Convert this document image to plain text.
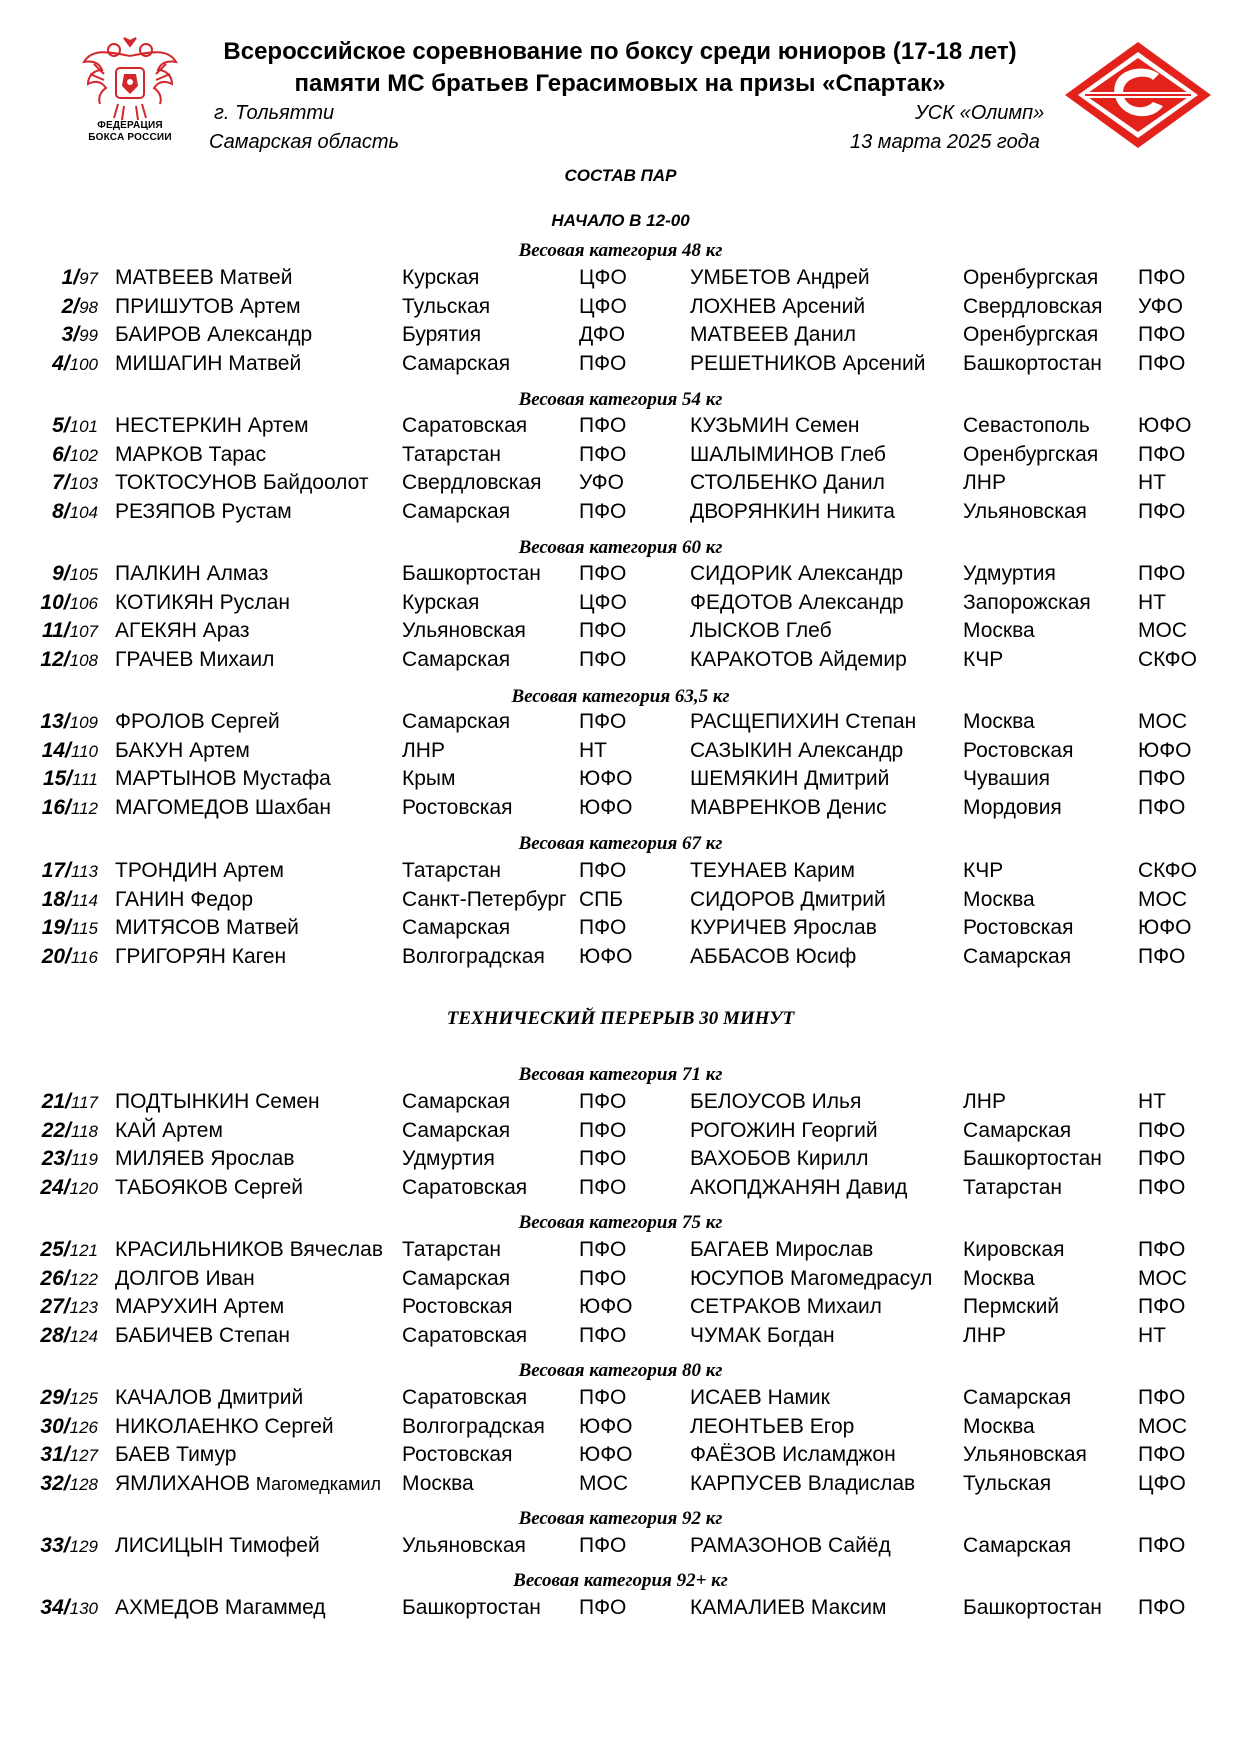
ФЕДЕРАЦИЯ
БОКСА РОССИИ
Всероссийское соревнование по боксу среди юниоров (17-18 лет)
памяти МС братьев Герасимовых на призы «Спартак»
г. Тольятти
Самарская область
УСК «Олимп»
13 марта 2025 года
СОСТАВ ПАР
НАЧАЛО В 12-00
Весовая категория 48 кг
1/97 МАТВЕЕВ Матвей	Курская	ЦФО	УМБЕТОВ Андрей	Оренбургская ПФО
2/98 ПРИШУТОВ Артем	Тульская	ЦФО	ЛОХНЕВ Арсений	Свердловская УФО
3/99 БАИРОВ Александр	Бурятия	ДФО	МАТВЕЕВ Данил	Оренбургская ПФО
4/100 МИШАГИН Матвей	Самарская	ПФО	РЕШЕТНИКОВ Арсений Башкортостан ПФО
Весовая категория 54 кг
5/101 НЕСТЕРКИН Артем	Саратовская ПФО	КУЗЬМИН Семен	Севастополь ЮФО
6/102 МАРКОВ Тарас	Татарстан	ПФО	ШАЛЫМИНОВ Глеб	Оренбургская ПФО
7/103 ТОКТОСУНОВ Байдоолот Свердловская УФО	СТОЛБЕНКО Данил	ЛНР	НТ
8/104 РЕЗЯПОВ Рустам	Самарская	ПФО	ДВОРЯНКИН Никита	Ульяновская ПФО
Весовая категория 60 кг
9/105 ПАЛКИН Алмаз	Башкортостан ПФО	СИДОРИК Александр	Удмуртия	ПФО
10/106 КОТИКЯН Руслан	Курская	ЦФО	ФЕДОТОВ Александр	Запорожская НТ
11/107 АГЕКЯН Араз	Ульяновская	ПФО	ЛЫСКОВ Глеб	Москва	МОС
12/108 ГРАЧЕВ Михаил	Самарская	ПФО	КАРАКОТОВ Айдемир	КЧР	СКФО
Весовая категория 63,5 кг
13/109 ФРОЛОВ Сергей	Самарская	ПФО	РАСЩЕПИХИН Степан Москва	МОС
14/110 БАКУН Артем	ЛНР	НТ	САЗЫКИН Александр	Ростовская	ЮФО
15/111 МАРТЫНОВ Мустафа	Крым	ЮФО	ШЕМЯКИН Дмитрий	Чувашия	ПФО
16/112 МАГОМЕДОВ Шахбан	Ростовская	ЮФО	МАВРЕНКОВ Денис	Мордовия	ПФО
Весовая категория 67 кг
17/113 ТРОНДИН Артем	Татарстан	ПФО	ТЕУНАЕВ Карим	КЧР	СКФО
18/114 ГАНИН Федор	Санкт-Петербург СПБ	СИДОРОВ Дмитрий	Москва	МОС
19/115 МИТЯСОВ Матвей	Самарская	ПФО	КУРИЧЕВ Ярослав	Ростовская	ЮФО
20/116 ГРИГОРЯН Каген	Волгоградская ЮФО	АББАСОВ Юсиф	Самарская	ПФО
ТЕХНИЧЕСКИЙ ПЕРЕРЫВ 30 МИНУТ
Весовая категория 71 кг
21/117 ПОДТЫНКИН Семен	Самарская	ПФО	БЕЛОУСОВ Илья	ЛНР	НТ
22/118 КАЙ Артем	Самарская	ПФО	РОГОЖИН Георгий	Самарская	ПФО
23/119 МИЛЯЕВ Ярослав	Удмуртия	ПФО	ВАХОБОВ Кирилл	Башкортостан ПФО
24/120 ТАБОЯКОВ Сергей	Саратовская ПФО	АКОПДЖАНЯН Давид	Татарстан	ПФО
Весовая категория 75 кг
25/121 КРАСИЛЬНИКОВ Вячеслав Татарстан	ПФО	БАГАЕВ Мирослав	Кировская	ПФО
26/122 ДОЛГОВ Иван	Самарская	ПФО	ЮСУПОВ Магомедрасул Москва	МОС
27/123 МАРУХИН Артем	Ростовская	ЮФО	СЕТРАКОВ Михаил	Пермский	ПФО
28/124 БАБИЧЕВ Степан	Саратовская ПФО	ЧУМАК Богдан	ЛНР	НТ
Весовая категория 80 кг
29/125 КАЧАЛОВ Дмитрий	Саратовская ПФО	ИСАЕВ Намик	Самарская	ПФО
30/126 НИКОЛАЕНКО Сергей	Волгоградская ЮФО	ЛЕОНТЬЕВ Егор	Москва	МОС
31/127 БАЕВ Тимур	Ростовская	ЮФО	ФАЁЗОВ Исламджон	Ульяновская ПФО
32/128 ЯМЛИХАНОВ Магомедкамил Москва	МОС	КАРПУСЕВ Владислав Тульская	ЦФО
Весовая категория 92 кг
33/129 ЛИСИЦЫН Тимофей	Ульяновская	ПФО	РАМАЗОНОВ Сайёд	Самарская	ПФО
Весовая категория 92+ кг
34/130 АХМЕДОВ Магаммед	Башкортостан ПФО	КАМАЛИЕВ Максим	Башкортостан ПФО
